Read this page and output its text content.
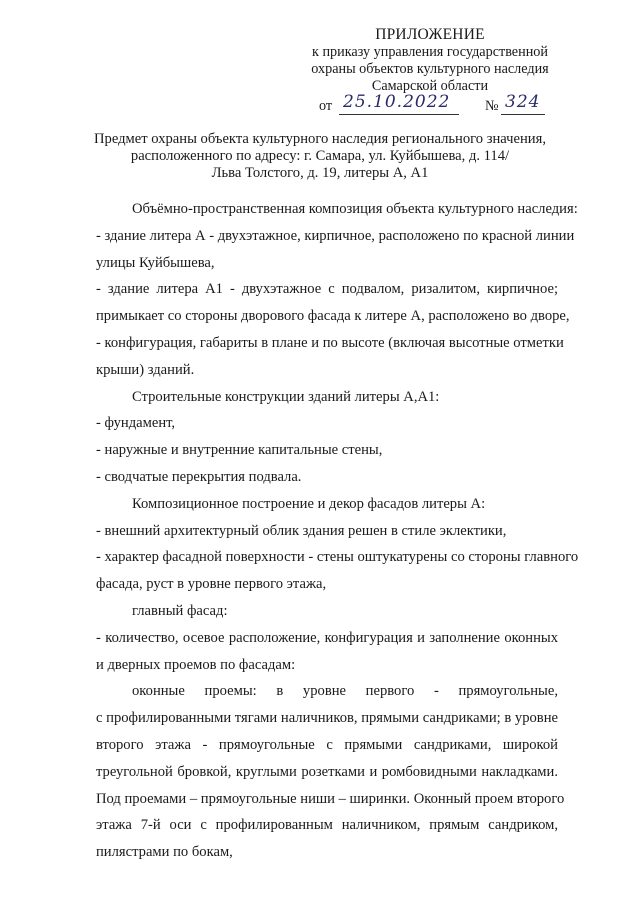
ПРИЛОЖЕНИЕ
к приказу управления государственной
охраны объектов культурного наследия
Самарской области
от 25.10.2022 № 324
Предмет охраны объекта культурного наследия регионального значения,
расположенного по адресу: г. Самара, ул. Куйбышева, д. 114/
Льва Толстого, д. 19, литеры А, А1
Объёмно-пространственная композиция объекта культурного наследия:
- здание литера А - двухэтажное, кирпичное, расположено по красной линии
улицы Куйбышева,
- здание литера А1 - двухэтажное с подвалом, ризалитом, кирпичное;
примыкает со стороны дворового фасада к литере А, расположено во дворе,
- конфигурация, габариты в плане и по высоте (включая высотные отметки
крыши) зданий.
Строительные конструкции зданий литеры А,А1:
- фундамент,
- наружные и внутренние капитальные стены,
- сводчатые перекрытия подвала.
Композиционное построение и декор фасадов литеры А:
- внешний архитектурный облик здания решен в стиле эклектики,
- характер фасадной поверхности - стены оштукатурены со стороны главного
фасада, руст в уровне первого этажа,
главный фасад:
- количество, осевое расположение, конфигурация и заполнение оконных
и дверных проемов по фасадам:
оконные проемы: в уровне первого - прямоугольные,
с профилированными тягами наличников, прямыми сандриками; в уровне
второго этажа - прямоугольные с прямыми сандриками, широкой
треугольной бровкой, круглыми розетками и ромбовидными накладками.
Под проемами – прямоугольные ниши – ширинки. Оконный проем второго
этажа 7-й оси с профилированным наличником, прямым сандриком,
пилястрами по бокам,
